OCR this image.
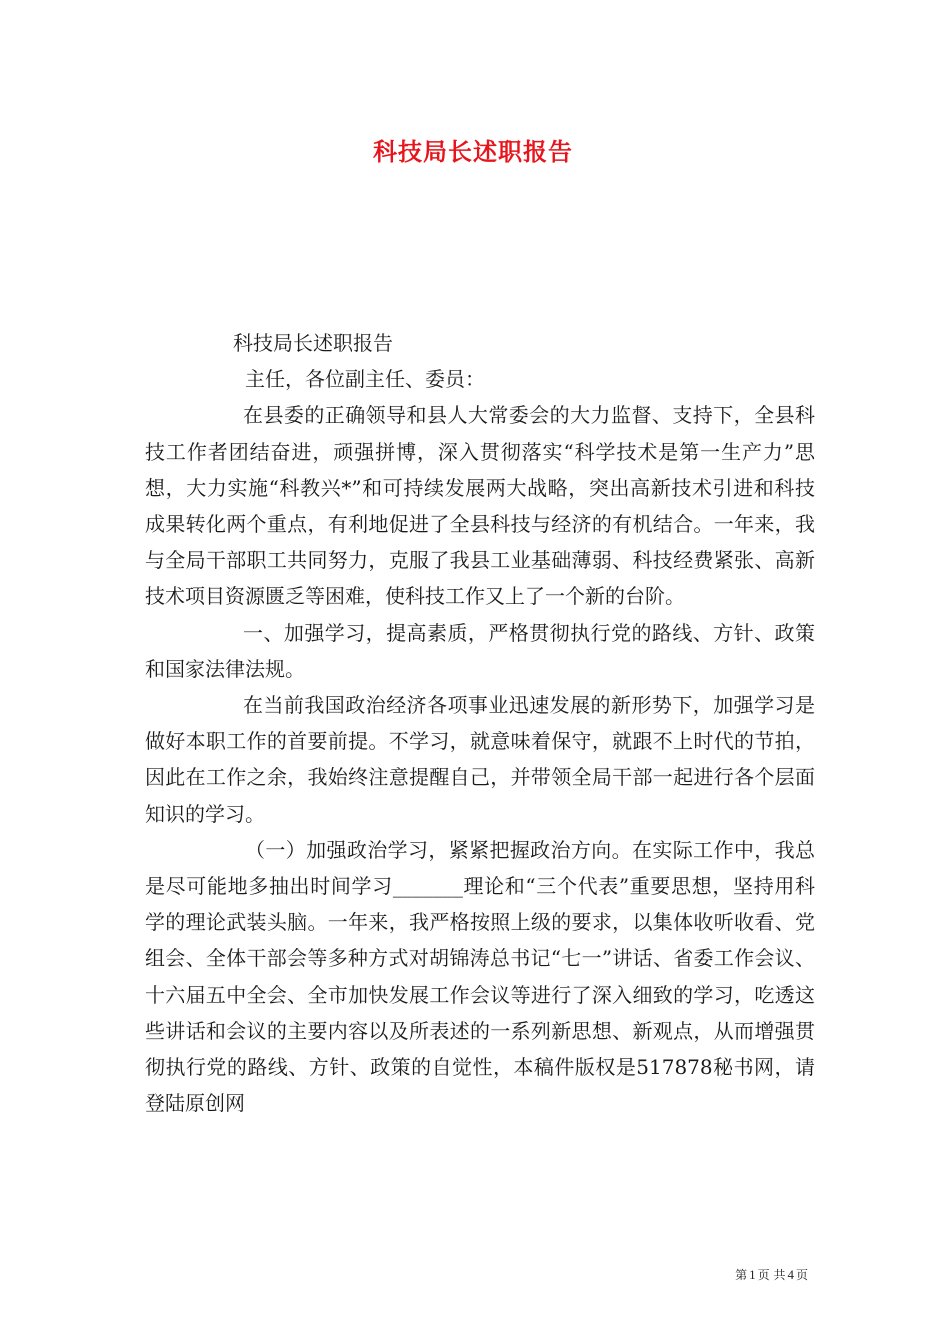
科技局长述职报告

科技局长述职报告

主任，各位副主任、委员：

在县委的正确领导和县人大常委会的大力监督、支持下，全县科技工作者团结奋进，顽强拼博，深入贯彻落实“科学技术是第一生产力”思想，大力实施“科教兴*”和可持续发展两大战略，突出高新技术引进和科技成果转化两个重点，有利地促进了全县科技与经济的有机结合。一年来，我与全局干部职工共同努力，克服了我县工业基础薄弱、科技经费紧张、高新技术项目资源匮乏等困难，使科技工作又上了一个新的台阶。

一、加强学习，提高素质，严格贯彻执行党的路线、方针、政策和国家法律法规。

在当前我国政治经济各项事业迅速发展的新形势下，加强学习是做好本职工作的首要前提。不学习，就意味着保守，就跟不上时代的节拍，因此在工作之余，我始终注意提醒自己，并带领全局干部一起进行各个层面知识的学习。

（一）加强政治学习，紧紧把握政治方向。在实际工作中，我总是尽可能地多抽出时间学习_______理论和“三个代表”重要思想，坚持用科学的理论武装头脑。一年来，我严格按照上级的要求，以集体收听收看、党组会、全体干部会等多种方式对胡锦涛总书记“七一”讲话、省委工作会议、十六届五中全会、全市加快发展工作会议等进行了深入细致的学习，吃透这些讲话和会议的主要内容以及所表述的一系列新思想、新观点，从而增强贯彻执行党的路线、方针、政策的自觉性，本稿件版权是517878秘书网，请登陆原创网

第 1 页 共 4 页
